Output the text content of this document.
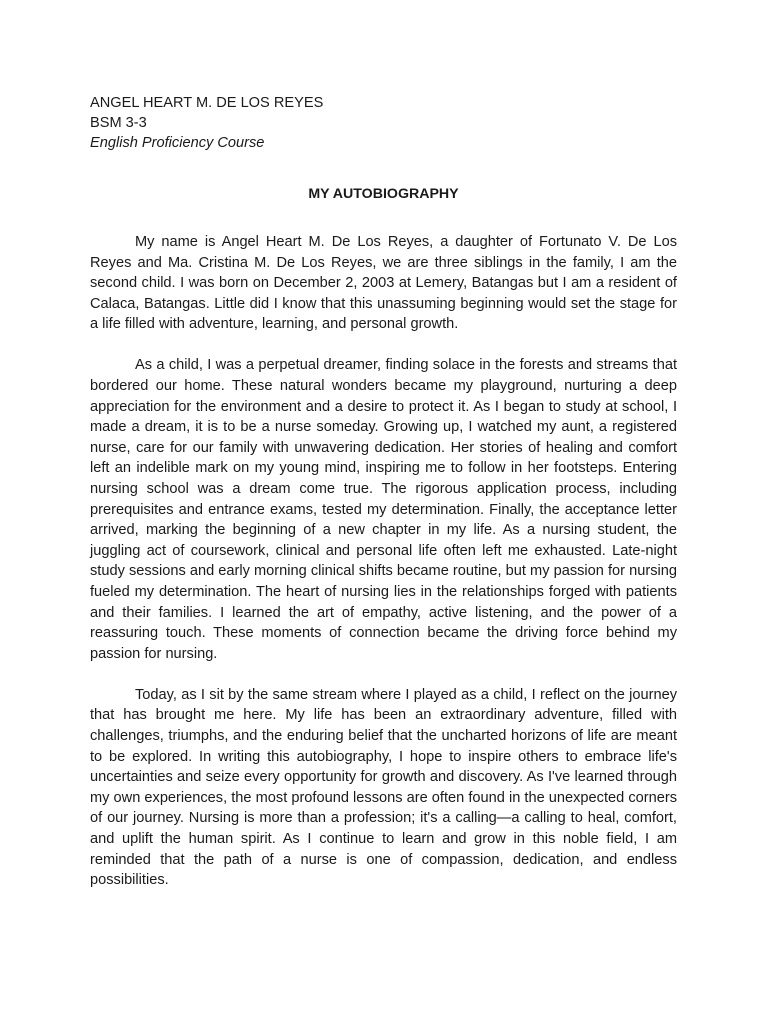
ANGEL HEART M. DE LOS REYES

BSM 3-3

English Proficiency Course

MY AUTOBIOGRAPHY

My name is Angel Heart M. De Los Reyes, a daughter of Fortunato V. De Los Reyes and Ma. Cristina M. De Los Reyes, we are three siblings in the family, I am the second child. I was born on December 2, 2003 at Lemery, Batangas but I am a resident of Calaca, Batangas. Little did I know that this unassuming beginning would set the stage for a life filled with adventure, learning, and personal growth.

As a child, I was a perpetual dreamer, finding solace in the forests and streams that bordered our home. These natural wonders became my playground, nurturing a deep appreciation for the environment and a desire to protect it. As I began to study at school, I made a dream, it is to be a nurse someday. Growing up, I watched my aunt, a registered nurse, care for our family with unwavering dedication. Her stories of healing and comfort left an indelible mark on my young mind, inspiring me to follow in her footsteps. Entering nursing school was a dream come true. The rigorous application process, including prerequisites and entrance exams, tested my determination. Finally, the acceptance letter arrived, marking the beginning of a new chapter in my life. As a nursing student, the juggling act of coursework, clinical and personal life often left me exhausted. Late-night study sessions and early morning clinical shifts became routine, but my passion for nursing fueled my determination. The heart of nursing lies in the relationships forged with patients and their families. I learned the art of empathy, active listening, and the power of a reassuring touch. These moments of connection became the driving force behind my passion for nursing.

Today, as I sit by the same stream where I played as a child, I reflect on the journey that has brought me here. My life has been an extraordinary adventure, filled with challenges, triumphs, and the enduring belief that the uncharted horizons of life are meant to be explored. In writing this autobiography, I hope to inspire others to embrace life's uncertainties and seize every opportunity for growth and discovery. As I've learned through my own experiences, the most profound lessons are often found in the unexpected corners of our journey. Nursing is more than a profession; it's a calling—a calling to heal, comfort, and uplift the human spirit. As I continue to learn and grow in this noble field, I am reminded that the path of a nurse is one of compassion, dedication, and endless possibilities.
